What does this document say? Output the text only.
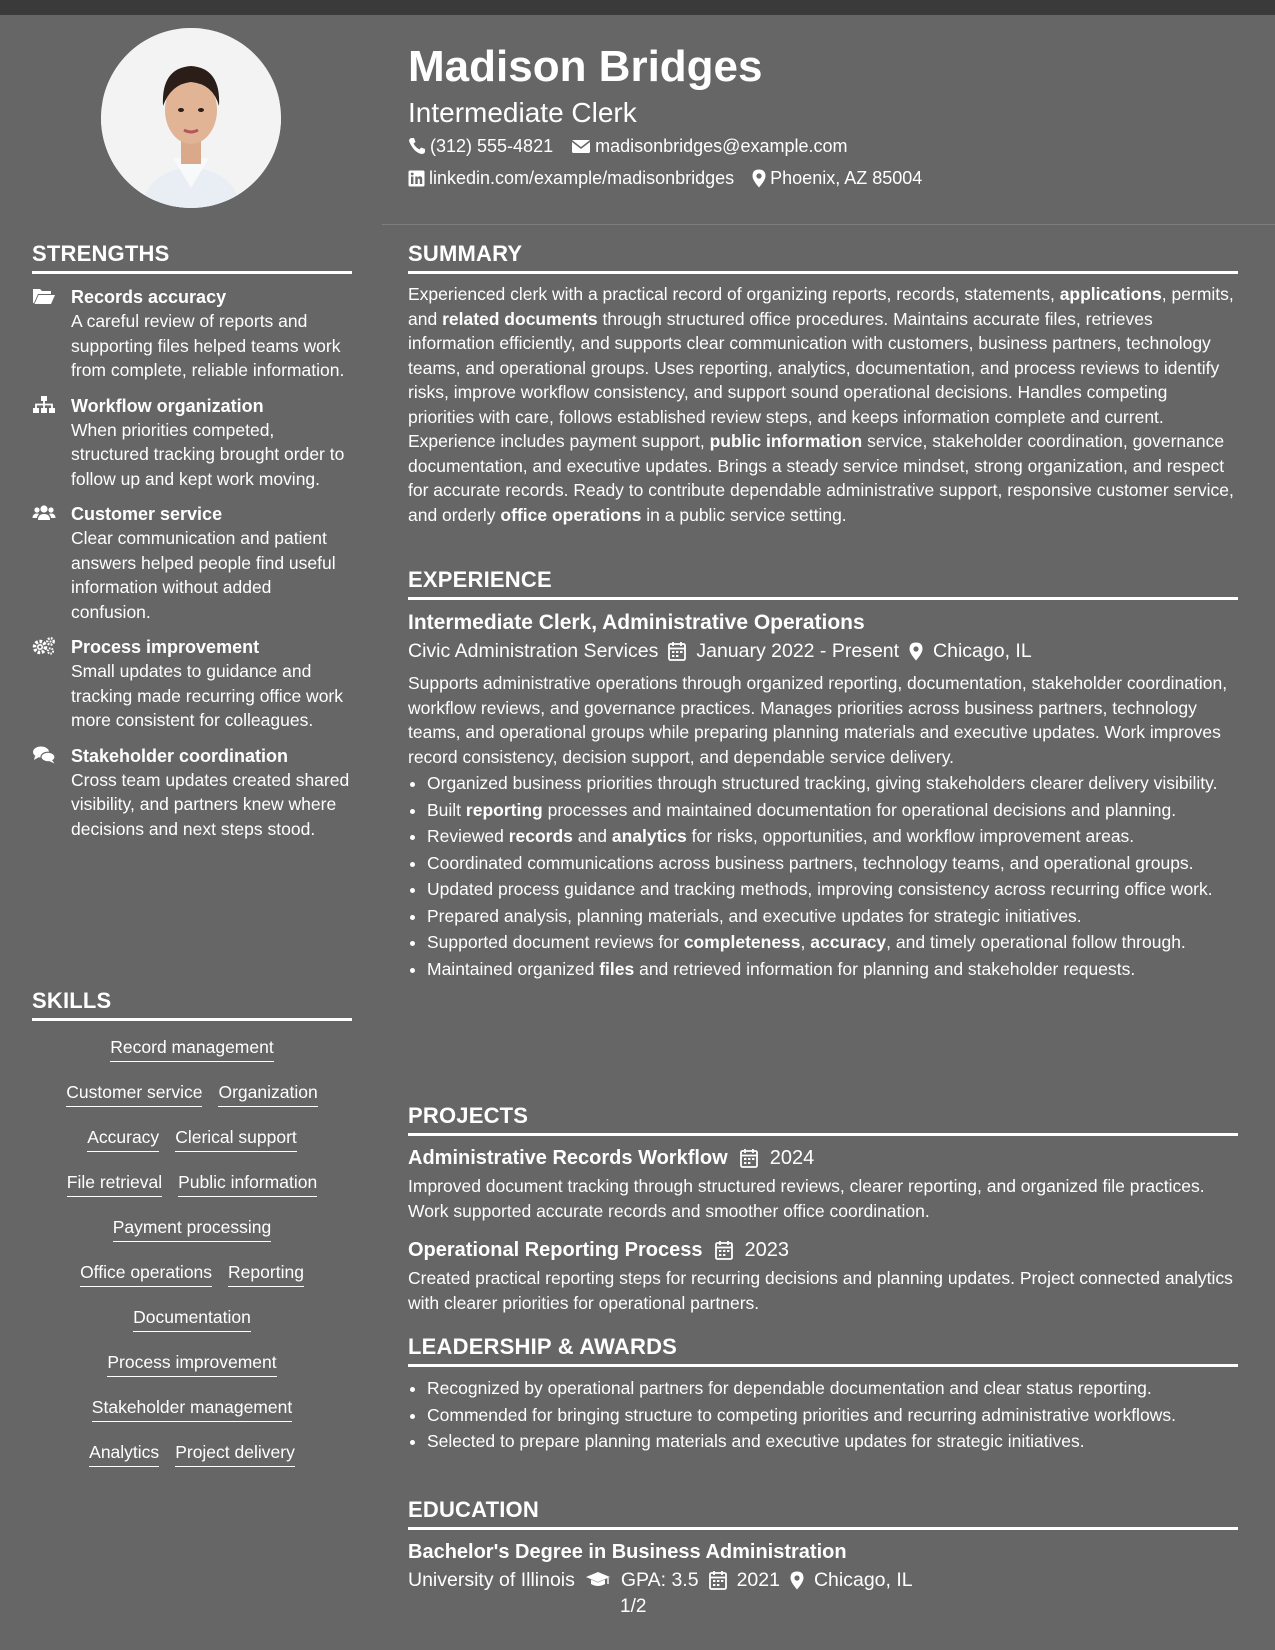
Madison Bridges

Intermediate Clerk

(312) 555-4821 madisonbridges@example.com
linkedin.com/example/madisonbridges Phoenix, AZ 85004
STRENGTHS
Records accuracy
A careful review of reports and supporting files helped teams work from complete, reliable information.
Workflow organization
When priorities competed, structured tracking brought order to follow up and kept work moving.
Customer service
Clear communication and patient answers helped people find useful information without added confusion.
Process improvement
Small updates to guidance and tracking made recurring office work more consistent for colleagues.
Stakeholder coordination
Cross team updates created shared visibility, and partners knew where decisions and next steps stood.
SKILLS
Record management
Customer service Organization
Accuracy Clerical support
File retrieval Public information
Payment processing
Office operations Reporting
Documentation
Process improvement
Stakeholder management
Analytics Project delivery
SUMMARY

Experienced clerk with a practical record of organizing reports, records, statements, applications, permits, and related documents through structured office procedures. Maintains accurate files, retrieves information efficiently, and supports clear communication with customers, business partners, technology teams, and operational groups. Uses reporting, analytics, documentation, and process reviews to identify risks, improve workflow consistency, and support sound operational decisions. Handles competing priorities with care, follows established review steps, and keeps information complete and current. Experience includes payment support, public information service, stakeholder coordination, governance documentation, and executive updates. Brings a steady service mindset, strong organization, and respect for accurate records. Ready to contribute dependable administrative support, responsive customer service, and orderly office operations in a public service setting.

EXPERIENCE

Intermediate Clerk, Administrative Operations

Civic Administration Services January 2022 - Present Chicago, IL

Supports administrative operations through organized reporting, documentation, stakeholder coordination, workflow reviews, and governance practices. Manages priorities across business partners, technology teams, and operational groups while preparing planning materials and executive updates. Work improves record consistency, decision support, and dependable service delivery.

• Organized business priorities through structured tracking, giving stakeholders clearer delivery visibility.
• Built reporting processes and maintained documentation for operational decisions and planning.
• Reviewed records and analytics for risks, opportunities, and workflow improvement areas.
• Coordinated communications across business partners, technology teams, and operational groups.
• Updated process guidance and tracking methods, improving consistency across recurring office work.
• Prepared analysis, planning materials, and executive updates for strategic initiatives.
• Supported document reviews for completeness, accuracy, and timely operational follow through.
• Maintained organized files and retrieved information for planning and stakeholder requests.
PROJECTS
Administrative Records Workflow 2024

Improved document tracking through structured reviews, clearer reporting, and organized file practices. Work supported accurate records and smoother office coordination.

Operational Reporting Process 2023

Created practical reporting steps for recurring decisions and planning updates. Project connected analytics with clearer priorities for operational partners.

LEADERSHIP & AWARDS
• Recognized by operational partners for dependable documentation and clear status reporting.
• Commended for bringing structure to competing priorities and recurring administrative workflows.
• Selected to prepare planning materials and executive updates for strategic initiatives.
EDUCATION

Bachelor's Degree in Business Administration

University of Illinois GPA: 3.5 2021 Chicago, IL
1/2
